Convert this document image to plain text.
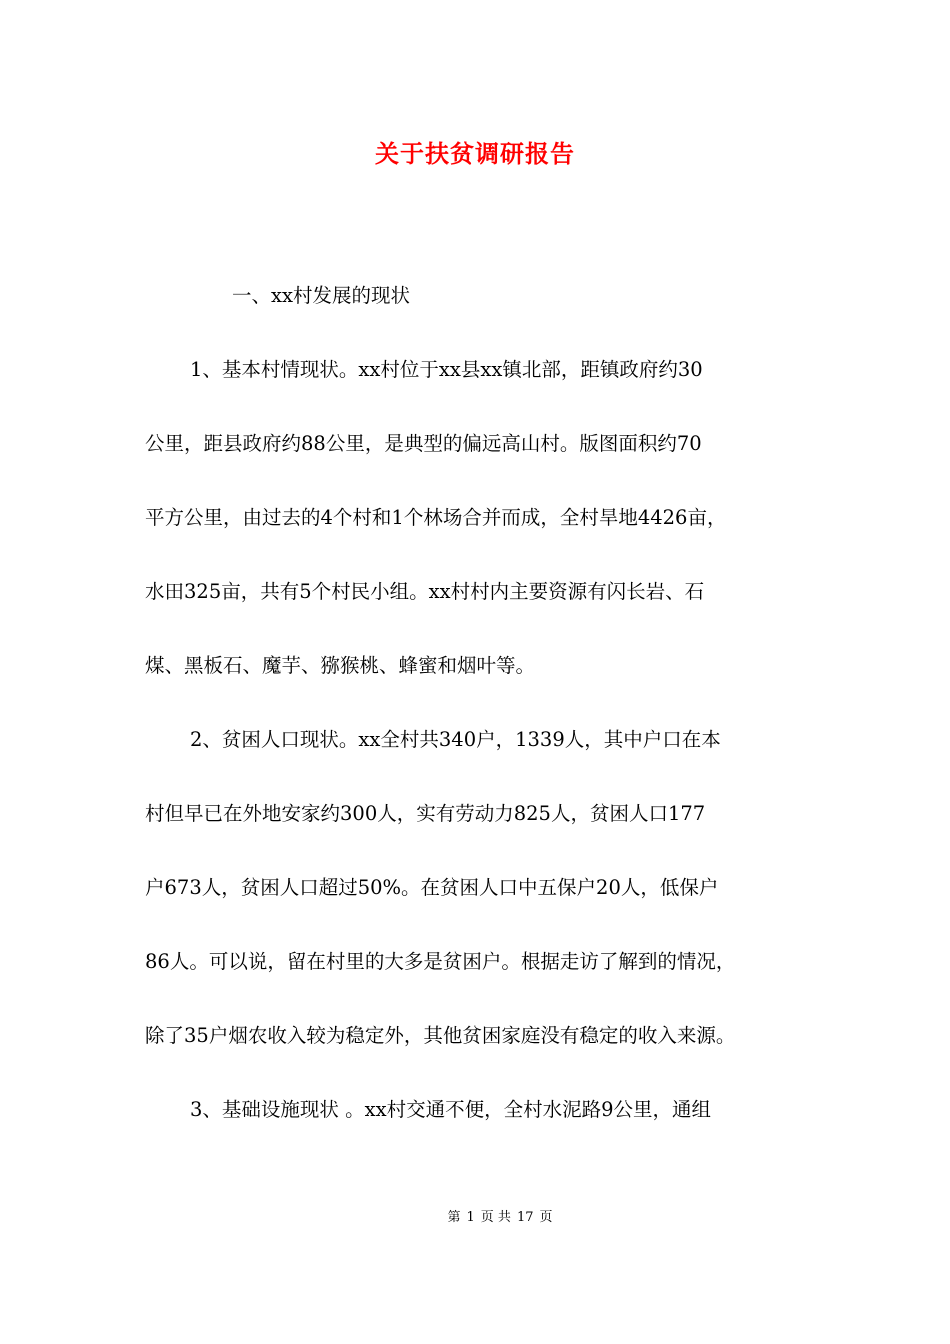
关于扶贫调研报告
一、xx村发展的现状
1、基本村情现状。xx村位于xx县xx镇北部，距镇政府约30
公里，距县政府约88公里，是典型的偏远高山村。版图面积约70
平方公里，由过去的4个村和1个林场合并而成，全村旱地4426亩，
水田325亩，共有5个村民小组。xx村村内主要资源有闪长岩、石
煤、黑板石、魔芋、猕猴桃、蜂蜜和烟叶等。
2、贫困人口现状。xx全村共340户，1339人，其中户口在本
村但早已在外地安家约300人，实有劳动力825人，贫困人口177
户673人，贫困人口超过50%。在贫困人口中五保户20人，低保户
86人。可以说，留在村里的大多是贫困户。根据走访了解到的情况，
除了35户烟农收入较为稳定外，其他贫困家庭没有稳定的收入来源。
3、基础设施现状 。xx村交通不便，全村水泥路9公里，通组
第 1 页 共 17 页
